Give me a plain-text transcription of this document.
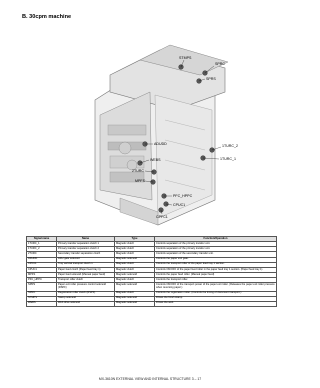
B. 30cpm machine
STMPS
SPRC
SPRS
ADUDD
WEBS
2TURC
MPFS
1TURC_2
1TURC_1
PFC_HPPC
CPUC1
CPFC1
Signal name	Name	Type	Function/Operation
1TURC_1	Primary transfer separation clutch 1	Magnetic clutch	Controls separation of the primary transfer unit.
1TURC_2	Primary transfer separation clutch 2	Magnetic clutch	Controls separation of the primary transfer unit.
2TURC	Secondary transfer separation clutch	Magnetic clutch	Controls separation of the secondary transfer unit.
ADUDD	ADU gate solenoid	Magnetic solenoid	Controls the paper exit gate.
CPFC1	Tray vertical transport clutch 1	Magnetic clutch	Controls the transport roller of the paper feed tray 1 section.
CPUC1	Paper feed clutch (Paper feed tray 1)	Magnetic clutch	Controls ON/OFF of the paper feed roller in the paper feed tray 1 section. (Paper feed tray 1)
MPFS	Paper feed solenoid (Manual paper feed)	Magnetic solenoid	Controls the paper feed roller. (Manual paper feed)
PFC_HPPC	Transport roller clutch	Magnetic clutch	Controls the transport roller.
SPRS	Paper exit roller pressure control solenoid (RSPF)	Magnetic solenoid	Controls ON/OFF of the transport power of the paper exit roller. (Releases the paper exit roller pressure when reversing paper.)
SPRC	Registration roller clutch (RSPF)	Magnetic clutch	Controls the registration roller. (Controls the timing of document transport.)
STMPS	Stamp solenoid	Magnetic solenoid	Drives the finish stamp.
WEBS	Web drive solenoid	Magnetic solenoid	Drives the web.
MX-3610N EXTERNAL VIEW AND INTERNAL STRUCTURE 3 – 17
